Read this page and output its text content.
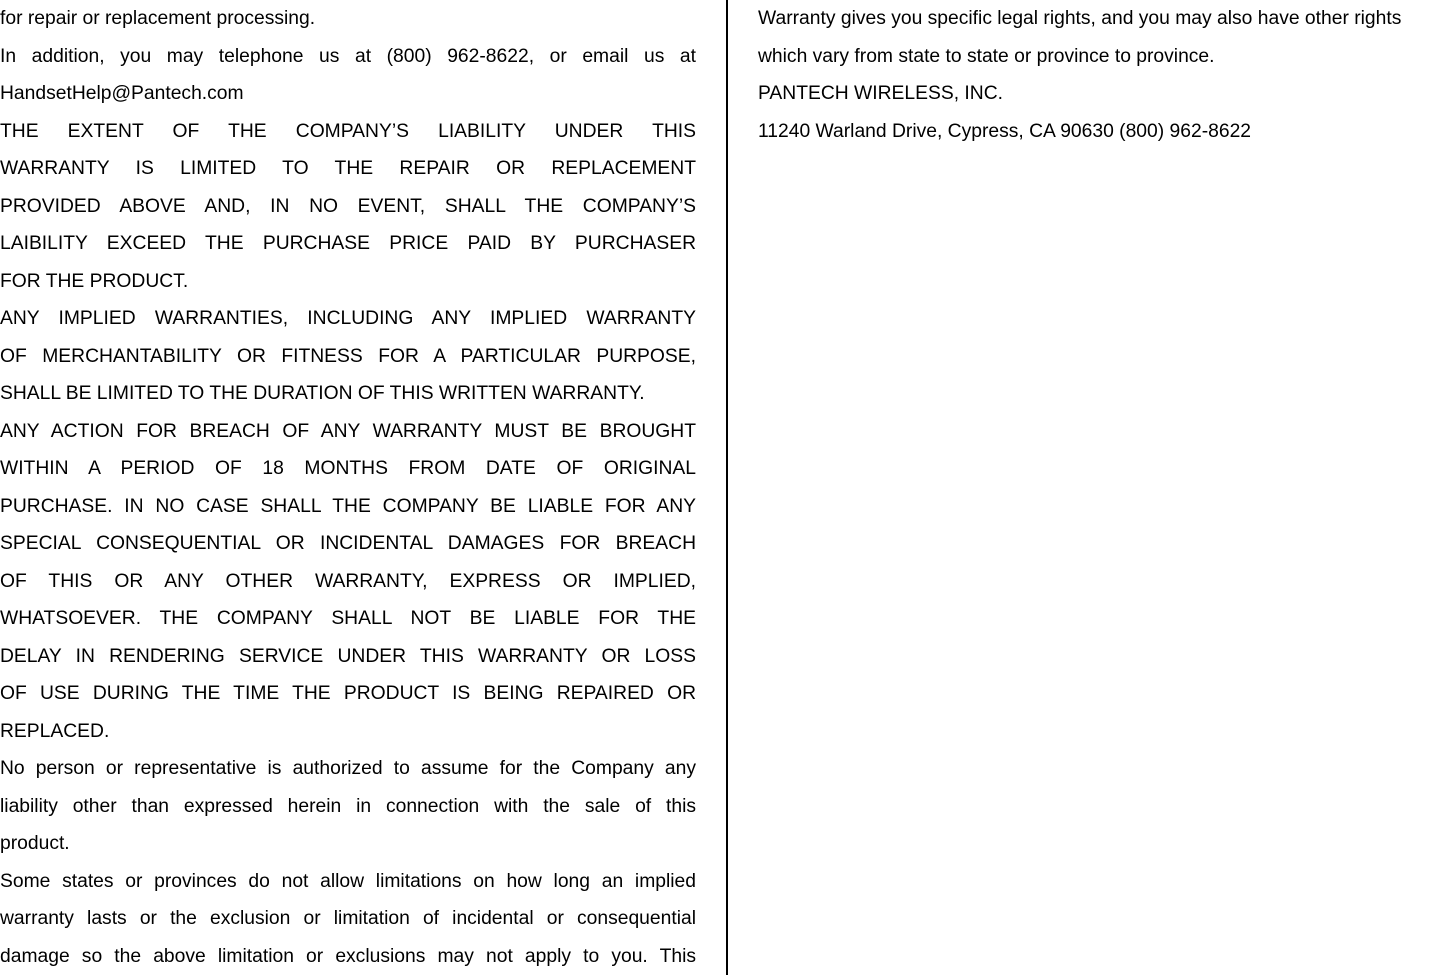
for repair or replacement processing.

In addition, you may telephone us at (800) 962-8622, or email us at
HandsetHelp@Pantech.com

THE EXTENT OF THE COMPANY’S LIABILITY UNDER THIS
WARRANTY IS LIMITED TO THE REPAIR OR REPLACEMENT
PROVIDED ABOVE AND, IN NO EVENT, SHALL THE COMPANY’S
LAIBILITY EXCEED THE PURCHASE PRICE PAID BY PURCHASER
FOR THE PRODUCT.

ANY IMPLIED WARRANTIES, INCLUDING ANY IMPLIED WARRANTY
OF MERCHANTABILITY OR FITNESS FOR A PARTICULAR PURPOSE,
SHALL BE LIMITED TO THE DURATION OF THIS WRITTEN WARRANTY.
ANY ACTION FOR BREACH OF ANY WARRANTY MUST BE BROUGHT
WITHIN A PERIOD OF 18 MONTHS FROM DATE OF ORIGINAL
PURCHASE. IN NO CASE SHALL THE COMPANY BE LIABLE FOR ANY
SPECIAL CONSEQUENTIAL OR INCIDENTAL DAMAGES FOR BREACH
OF THIS OR ANY OTHER WARRANTY, EXPRESS OR IMPLIED,
WHATSOEVER. THE COMPANY SHALL NOT BE LIABLE FOR THE
DELAY IN RENDERING SERVICE UNDER THIS WARRANTY OR LOSS
OF USE DURING THE TIME THE PRODUCT IS BEING REPAIRED OR
REPLACED.

No person or representative is authorized to assume for the Company any
liability other than expressed herein in connection with the sale of this
product.

Some states or provinces do not allow limitations on how long an implied
warranty lasts or the exclusion or limitation of incidental or consequential
damage so the above limitation or exclusions may not apply to you. This

Warranty gives you specific legal rights, and you may also have other rights
which vary from state to state or province to province.

PANTECH WIRELESS, INC.

11240 Warland Drive, Cypress, CA 90630 (800) 962-8622
